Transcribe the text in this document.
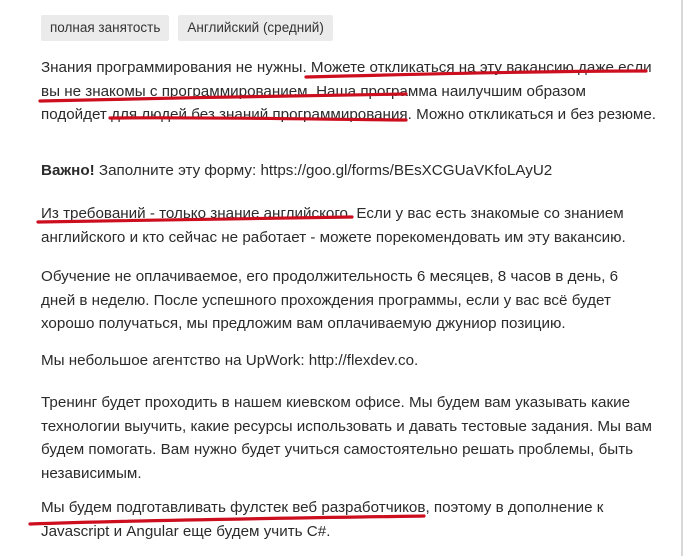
полная занятость	Английский (средний)

Знания программирования не нужны. Можете откликаться на эту вакансию даже если вы не знакомы с программированием. Наша программа наилучшим образом подойдет для людей без знаний программирования. Можно откликаться и без резюме.

Важно! Заполните эту форму: https://goo.gl/forms/BEsXCGUaVKfoLAyU2

Из требований - только знание английского. Если у вас есть знакомые со знанием английского и кто сейчас не работает - можете порекомендовать им эту вакансию.

Обучение не оплачиваемое, его продолжительность 6 месяцев, 8 часов в день, 6 дней в неделю. После успешного прохождения программы, если у вас всё будет хорошо получаться, мы предложим вам оплачиваемую джуниор позицию.

Мы небольшое агентство на UpWork: http://flexdev.co.

Тренинг будет проходить в нашем киевском офисе. Мы будем вам указывать какие технологии выучить, какие ресурсы использовать и давать тестовые задания. Мы вам будем помогать. Вам нужно будет учиться самостоятельно решать проблемы, быть независимым.

Мы будем подготавливать фулстек веб разработчиков, поэтому в дополнение к Javascript и Angular еще будем учить C#.
